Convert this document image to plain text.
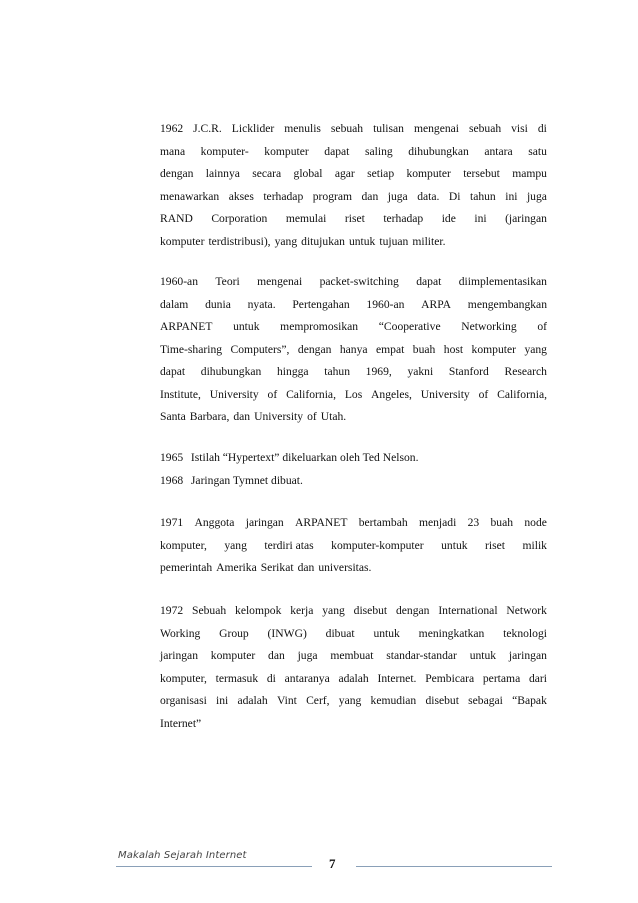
1962 J.C.R. Licklider menulis sebuah tulisan mengenai sebuah visi di
mana komputer- komputer dapat saling dihubungkan antara satu
dengan lainnya secara global agar setiap komputer tersebut mampu
menawarkan akses terhadap program dan juga data. Di tahun ini juga
RAND Corporation memulai riset terhadap ide ini (jaringan
komputer terdistribusi), yang ditujukan untuk tujuan militer.
1960-an Teori mengenai packet-switching dapat diimplementasikan
dalam dunia nyata. Pertengahan 1960-an ARPA mengembangkan
ARPANET untuk mempromosikan “Cooperative Networking of
Time-sharing Computers”, dengan hanya empat buah host komputer yang
dapat dihubungkan hingga tahun 1969, yakni Stanford Research
Institute, University of California, Los Angeles, University of California,
Santa Barbara, dan University of Utah.
1965 Istilah “Hypertext” dikeluarkan oleh Ted Nelson.
1968 Jaringan Tymnet dibuat.
1971 Anggota jaringan ARPANET bertambah menjadi 23 buah node
komputer, yang terdiri atas komputer-komputer untuk riset milik
pemerintah Amerika Serikat dan universitas.
1972 Sebuah kelompok kerja yang disebut dengan International Network
Working Group (INWG) dibuat untuk meningkatkan teknologi
jaringan komputer dan juga membuat standar-standar untuk jaringan
komputer, termasuk di antaranya adalah Internet. Pembicara pertama dari
organisasi ini adalah Vint Cerf, yang kemudian disebut sebagai “Bapak
Internet”
Makalah Sejarah Internet
7
